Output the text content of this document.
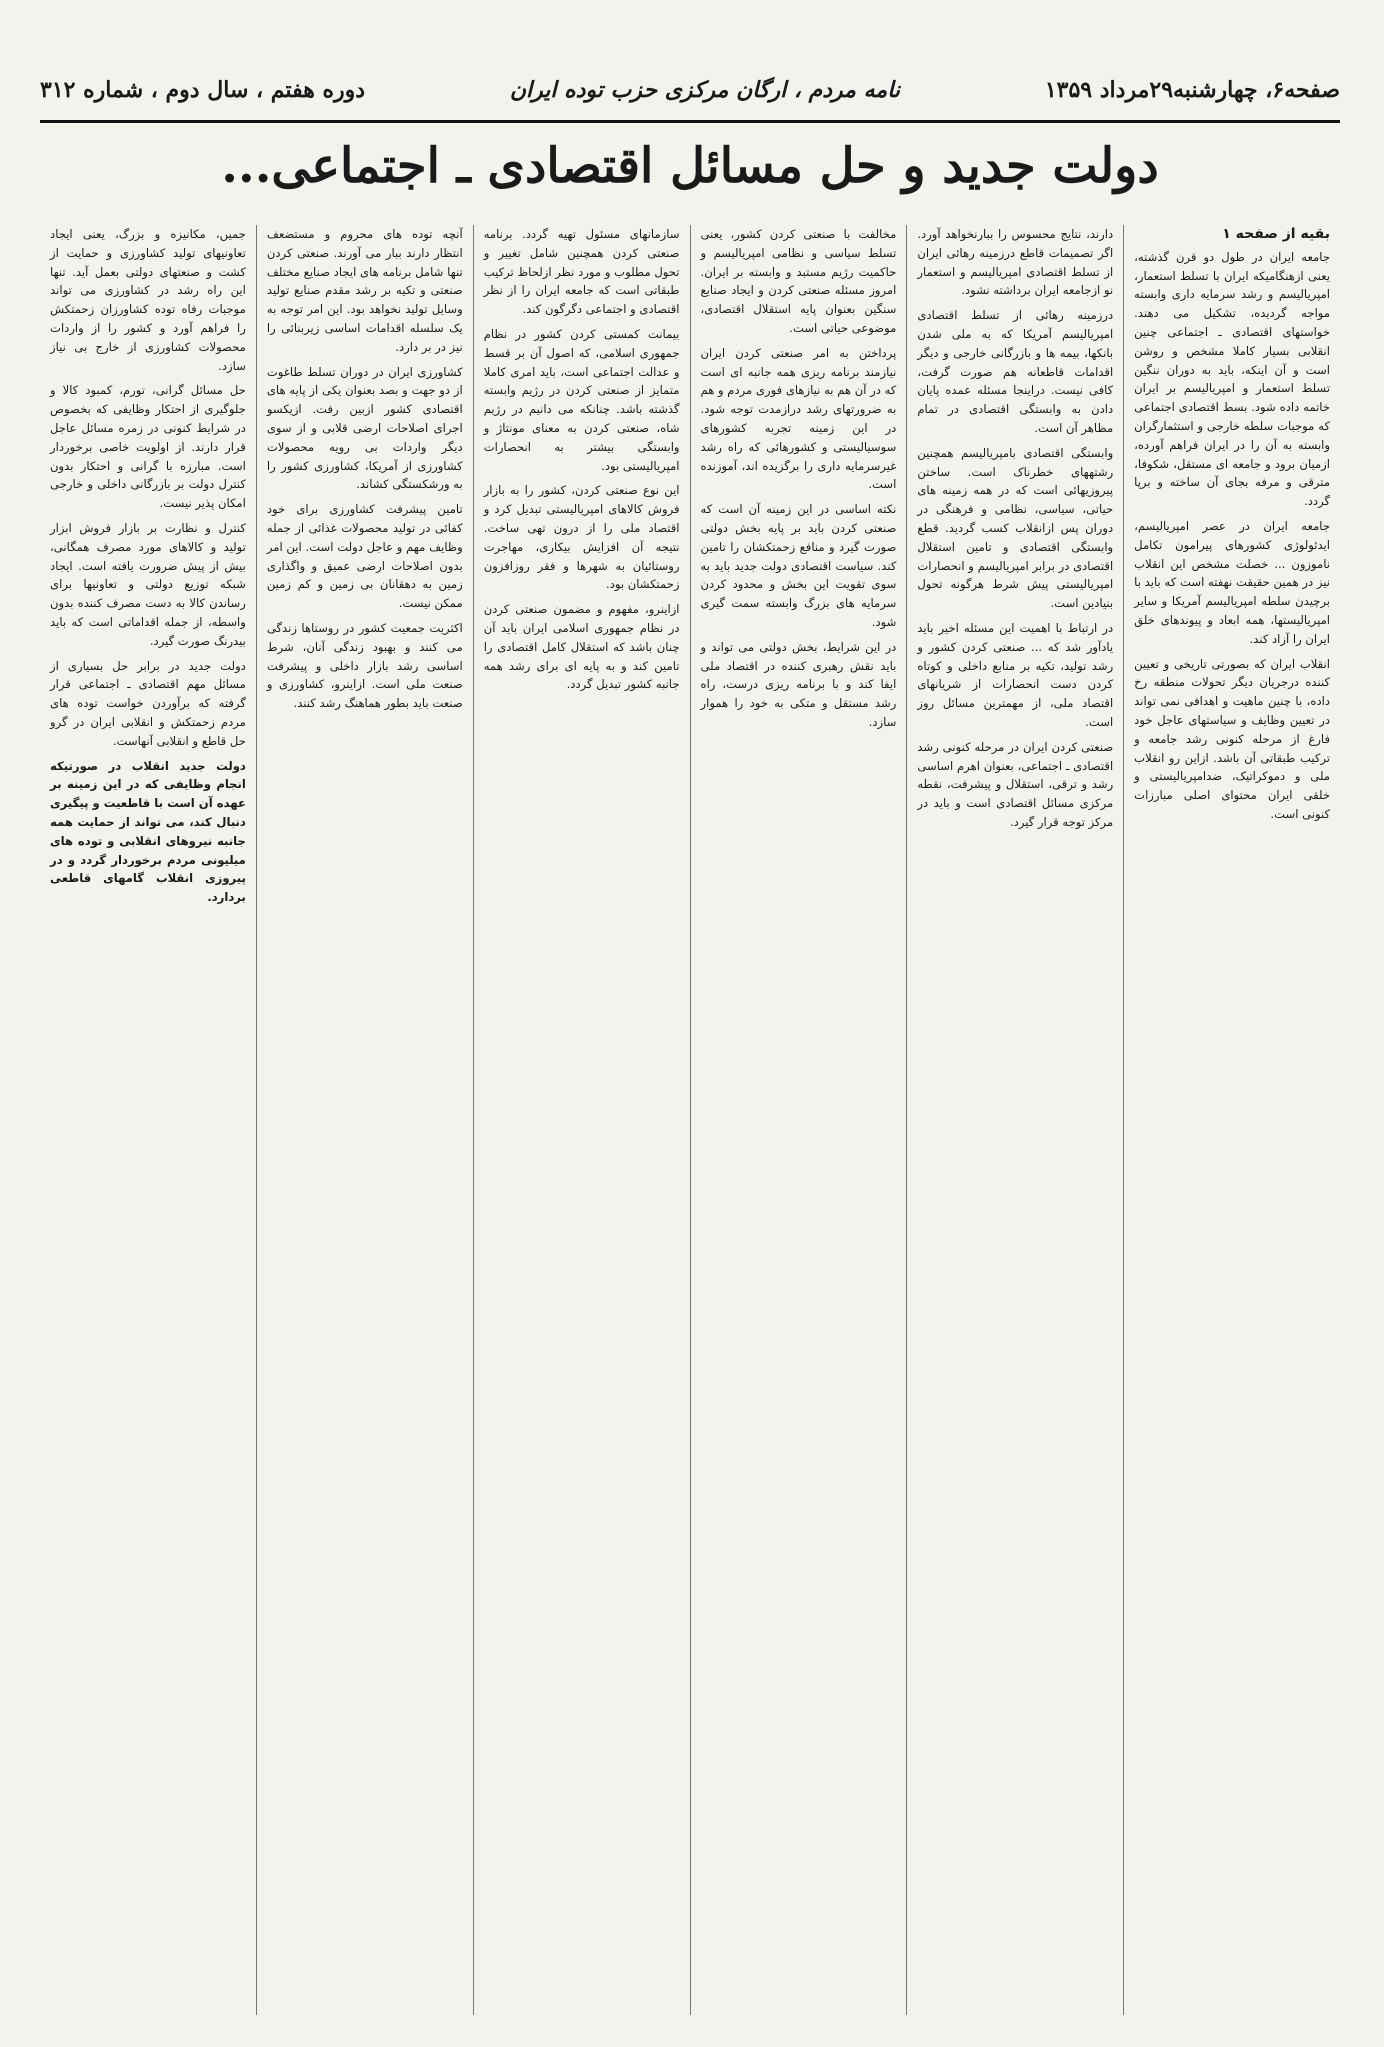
صفحه۶، چهارشنبه۲۹مرداد ۱۳۵۹
نامه مردم ، ارگان مرکزی حزب توده ایران
دوره هفتم ، سال دوم ، شماره ۳۱۲
دولت جدید و حل مسائل اقتصادی ـ اجتماعی...
بقیه از صفحه ۱

جامعه ایران در طول دو قرن گذشته، یعنی ازهنگامیکه ایران با تسلط استعمار، امپریالیسم و رشد سرمایه داری وابسته مواجه گردیده، تشکیل می دهند. خواستهای اقتصادی ـ اجتماعی چنین انقلابی بسیار کاملا مشخص و روشن است و آن اینکه، باید به دوران ننگین تسلط استعمار و امپریالیسم بر ایران خاتمه داده شود. بسط اقتصادی اجتماعی که موجبات سلطه خارجی و استثمارگران وابسته به آن را در ایران فراهم آورده، ازمیان برود و جامعه ای مستقل، شکوفا، مترقی و مرفه بجای آن ساخته و برپا گردد.

جامعه ایران در عصر امپریالیسم، ایدئولوژی کشورهای پیرامون تکامل ناموزون ... خصلت مشخص این انقلاب نیز در همین حقیقت نهفته است که باید با برچیدن سلطه امپریالیسم آمریکا و سایر امپریالیستها، همه ابعاد و پیوندهای خلق ایران را آزاد کند.

انقلاب ایران که بصورتی تاریخی و تعیین کننده درجریان دیگر تحولات منطقه رخ داده، با چنین ماهیت و اهدافی نمی تواند در تعیین وظایف و سیاستهای عاجل خود فارغ از مرحله کنونی رشد جامعه و ترکیب طبقاتی آن باشد. ازاین رو انقلاب ملی و دموکراتیک، ضدامپریالیستی و خلقی ایران محتوای اصلی مبارزات کنونی است.

دارند، نتایج محسوس را ببارنخواهد آورد. اگر تصمیمات قاطع درزمینه رهائی ایران از تسلط اقتصادی امپریالیسم و استعمار نو ازجامعه ایران برداشته نشود.

درزمینه رهائی از تسلط اقتصادی امپریالیسم آمریکا که به ملی شدن بانکها، بیمه ها و بازرگانی خارجی و دیگر اقدامات قاطعانه هم صورت گرفت، کافی نیست. دراینجا مسئله عمده پایان دادن به وابستگی اقتصادی در تمام مظاهر آن است.

وابستگی اقتصادی بامپریالیسم همچنین رشتههای خطرناک است. ساختن پیروزیهائی است که در همه زمینه های حیاتی، سیاسی، نظامی و فرهنگی در دوران پس ازانقلاب کسب گردید. قطع وابستگی اقتصادی و تامین استقلال اقتصادی در برابر امپریالیسم و انحصارات امپریالیستی پیش شرط هرگونه تحول بنیادین است.

در ارتباط با اهمیت این مسئله اخیر باید یادآور شد که ... صنعتی کردن کشور و رشد تولید، تکیه بر منابع داخلی و کوتاه کردن دست انحصارات از شریانهای اقتصاد ملی، از مهمترین مسائل روز است.

صنعتی کردن ایران در مرحله کنونی رشد اقتصادی ـ اجتماعی، بعنوان اهرم اساسی رشد و ترقی، استقلال و پیشرفت، نقطه مرکزی مسائل اقتصادی است و باید در مرکز توجه قرار گیرد.

مخالفت با صنعتی کردن کشور، یعنی تسلط سیاسی و نظامی امپریالیسم و حاکمیت رژیم مستبد و وابسته بر ایران. امروز مسئله صنعتی کردن و ایجاد صنایع سنگین بعنوان پایه استقلال اقتصادی، موضوعی حیاتی است.

پرداختن به امر صنعتی کردن ایران نیازمند برنامه ریزی همه جانبه ای است که در آن هم به نیازهای فوری مردم و هم به ضرورتهای رشد درازمدت توجه شود. در این زمینه تجربه کشورهای سوسیالیستی و کشورهائی که راه رشد غیرسرمایه داری را برگزیده اند، آموزنده است.

نکته اساسی در این زمینه آن است که صنعتی کردن باید بر پایه بخش دولتی صورت گیرد و منافع زحمتکشان را تامین کند. سیاست اقتصادی دولت جدید باید به سوی تقویت این بخش و محدود کردن سرمایه های بزرگ وابسته سمت گیری شود.

در این شرایط، بخش دولتی می تواند و باید نقش رهبری کننده در اقتصاد ملی ایفا کند و با برنامه ریزی درست، راه رشد مستقل و متکی به خود را هموار سازد.

سازمانهای مسئول تهیه گردد. برنامه صنعتی کردن همچنین شامل تغییر و تحول مطلوب و مورد نظر ازلحاظ ترکیب طبقاتی است که جامعه ایران را از نظر اقتصادی و اجتماعی دگرگون کند.

بیمانت کمستی کردن کشور در نظام جمهوری اسلامی، که اصول آن بر قسط و عدالت اجتماعی است، باید امری کاملا متمایز از صنعتی کردن در رژیم وابسته گذشته باشد. چنانکه می دانیم در رژیم شاه، صنعتی کردن به معنای مونتاژ و وابستگی بیشتر به انحصارات امپریالیستی بود.

این نوع صنعتی کردن، کشور را به بازار فروش کالاهای امپریالیستی تبدیل کرد و اقتصاد ملی را از درون تهی ساخت. نتیجه آن افزایش بیکاری، مهاجرت روستائیان به شهرها و فقر روزافزون زحمتکشان بود.

ازاینرو، مفهوم و مضمون صنعتی کردن در نظام جمهوری اسلامی ایران باید آن چنان باشد که استقلال کامل اقتصادی را تامین کند و به پایه ای برای رشد همه جانبه کشور تبدیل گردد.

آنچه توده های محروم و مستضعف انتظار دارند ببار می آورند. صنعتی کردن تنها شامل برنامه های ایجاد صنایع مختلف صنعتی و تکیه بر رشد مقدم صنایع تولید وسایل تولید نخواهد بود. این امر توجه به یک سلسله اقدامات اساسی زیربنائی را نیز در بر دارد.

کشاورزی ایران در دوران تسلط طاغوت از دو جهت و بصد بعنوان یکی از پایه های اقتصادی کشور ازبین رفت. ازیکسو اجرای اصلاحات ارضی قلابی و از سوی دیگر واردات بی رویه محصولات کشاورزی از آمریکا، کشاورزی کشور را به ورشکستگی کشاند.

تامین پیشرفت کشاورزی برای خود کفائی در تولید محصولات غذائی از جمله وظایف مهم و عاجل دولت است. این امر بدون اصلاحات ارضی عمیق و واگذاری زمین به دهقانان بی زمین و کم زمین ممکن نیست.

اکثریت جمعیت کشور در روستاها زندگی می کنند و بهبود زندگی آنان، شرط اساسی رشد بازار داخلی و پیشرفت صنعت ملی است. ازاینرو، کشاورزی و صنعت باید بطور هماهنگ رشد کنند.

جمیں، مکانیزه و بزرگ، یعنی ایجاد تعاونیهای تولید کشاورزی و حمایت از کشت و صنعتهای دولتی بعمل آید. تنها این راه رشد در کشاورزی می تواند موجبات رفاه توده کشاورزان زحمتکش را فراهم آورد و کشور را از واردات محصولات کشاورزی از خارج بی نیاز سازد.

حل مسائل گرانی، تورم، کمبود کالا و جلوگیری از احتکار وظایفی که بخصوص در شرایط کنونی در زمره مسائل عاجل قرار دارند. از اولویت خاصی برخوردار است. مبارزه با گرانی و احتکار بدون کنترل دولت بر بازرگانی داخلی و خارجی امکان پذیر نیست.

کنترل و نظارت بر بازار فروش ابزار تولید و کالاهای مورد مصرف همگانی، بیش از پیش ضرورت یافته است. ایجاد شبکه توزیع دولتی و تعاونیها برای رساندن کالا به دست مصرف کننده بدون واسطه، از جمله اقداماتی است که باید بیدرنگ صورت گیرد.

دولت جدید در برابر حل بسیاری از مسائل مهم اقتصادی ـ اجتماعی قرار گرفته که برآوردن خواست توده های مردم زحمتکش و انقلابی ایران در گرو حل قاطع و انقلابی آنهاست.

دولت جدید انقلاب در صورتیکه انجام وظایفی که در این زمینه بر عهده آن است با قاطعیت و پیگیری دنبال کند، می تواند از حمایت همه جانبه نیروهای انقلابی و توده های میلیونی مردم برخوردار گردد و در پیروزی انقلاب گامهای قاطعی بردارد.
